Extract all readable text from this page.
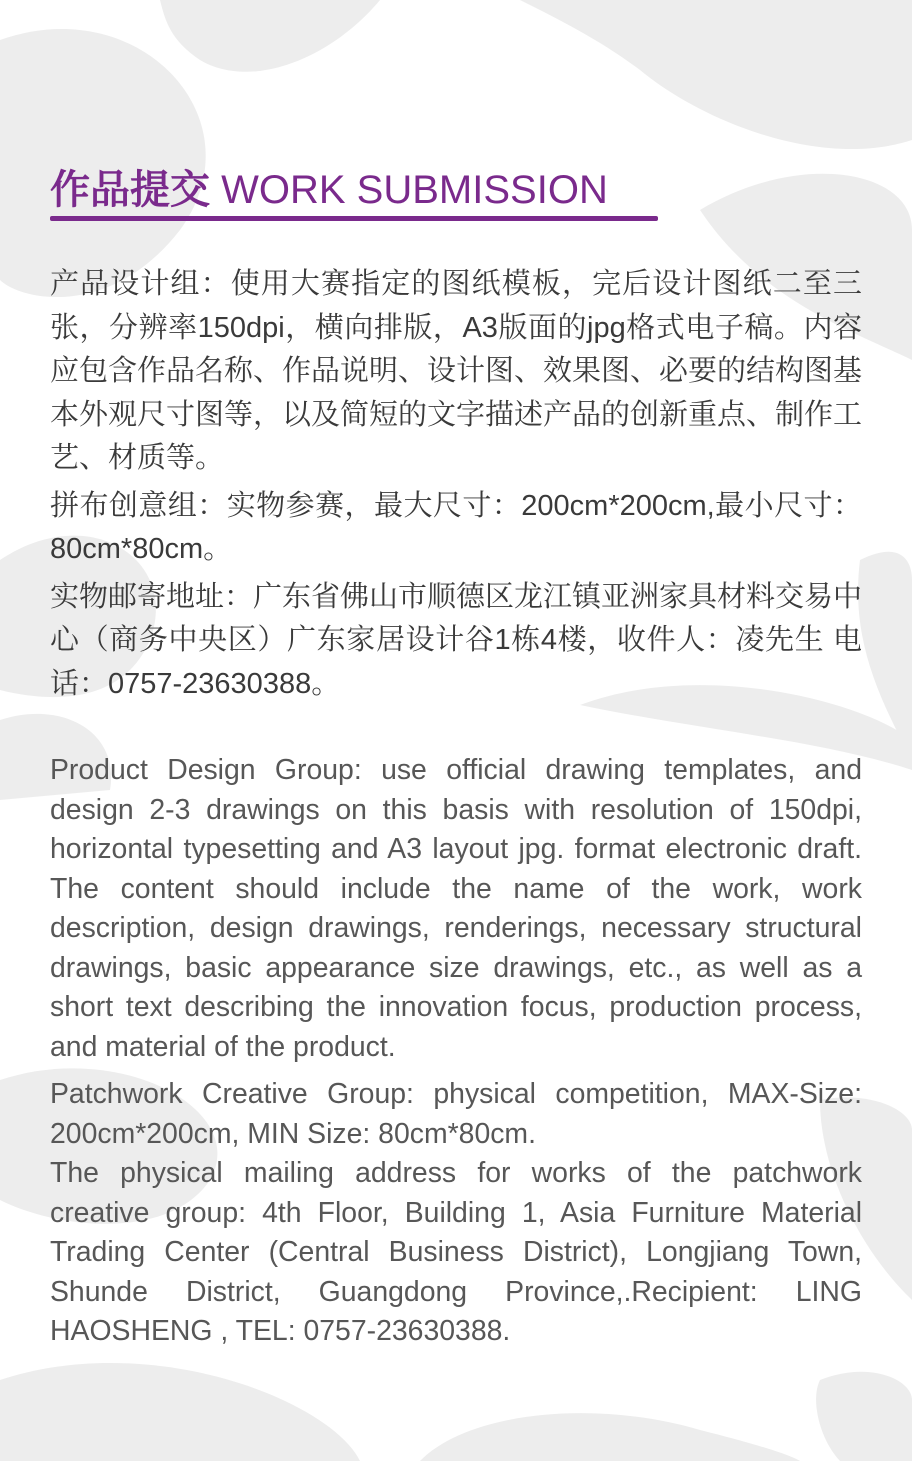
作品提交 WORK SUBMISSION

产品设计组：使用大赛指定的图纸模板，完后设计图纸二至三张，分辨率150dpi，横向排版，A3版面的jpg格式电子稿。内容应包含作品名称、作品说明、设计图、效果图、必要的结构图基本外观尺寸图等，以及简短的文字描述产品的创新重点、制作工艺、材质等。

拼布创意组：实物参赛，最大尺寸：200cm*200cm,最小尺寸：80cm*80cm。

实物邮寄地址：广东省佛山市顺德区龙江镇亚洲家具材料交易中心（商务中央区）广东家居设计谷1栋4楼，收件人：凌先生 电话：0757-23630388。

Product Design Group: use official drawing templates, and design 2-3 drawings on this basis with resolution of 150dpi, horizontal typesetting and A3 layout jpg. format electronic draft. The content should include the name of the work, work description, design drawings, renderings, necessary structural drawings, basic appearance size drawings, etc., as well as a short text describing the innovation focus, production process, and material of the product.

Patchwork Creative Group: physical competition, MAX-Size: 200cm*200cm, MIN Size: 80cm*80cm.

The physical mailing address for works of the patchwork creative group: 4th Floor, Building 1, Asia Furniture Material Trading Center (Central Business District), Longjiang Town, Shunde District, Guangdong Province,.Recipient: LING HAOSHENG , TEL: 0757-23630388.
